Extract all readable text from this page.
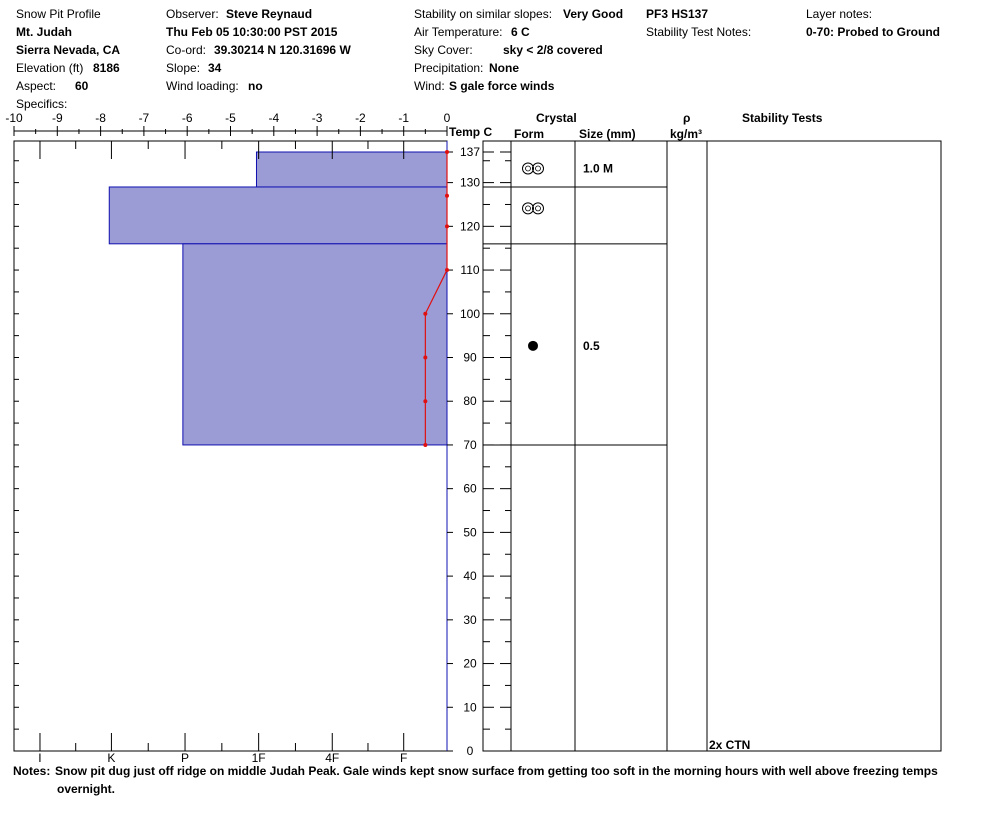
Snow Pit Profile
Mt. Judah
Sierra Nevada, CA
Elevation (ft) 8186
Aspect: 60
Specifics:
Observer: Steve Reynaud
Thu Feb 05 10:30:00 PST 2015
Co-ord: 39.30214 N 120.31696 W
Slope: 34
Wind loading: no
Stability on similar slopes: Very Good
Air Temperature: 6 C
Sky Cover:	sky < 2/8 covered
Precipitation: None
Wind: S gale force winds
PF3 HS137
Stability Test Notes:
Layer notes:
0-70: Probed to Ground
Temp C
Crystal
Form	Size (mm)
ρ
kg/m³
Stability Tests
-10 -9	-8	-7	-6	-5	-4	-3	-2	-1	0
I	K	P	1F	4F	F	0
10
20
30
40
50
60
70
80
90
100
110
120
130
137
1.0 M
0.5
2x CTN
Notes: Snow pit dug just off ridge on middle Judah Peak. Gale winds kept snow surface from getting too soft in the morning hours with well above freezing temps
overnight.
